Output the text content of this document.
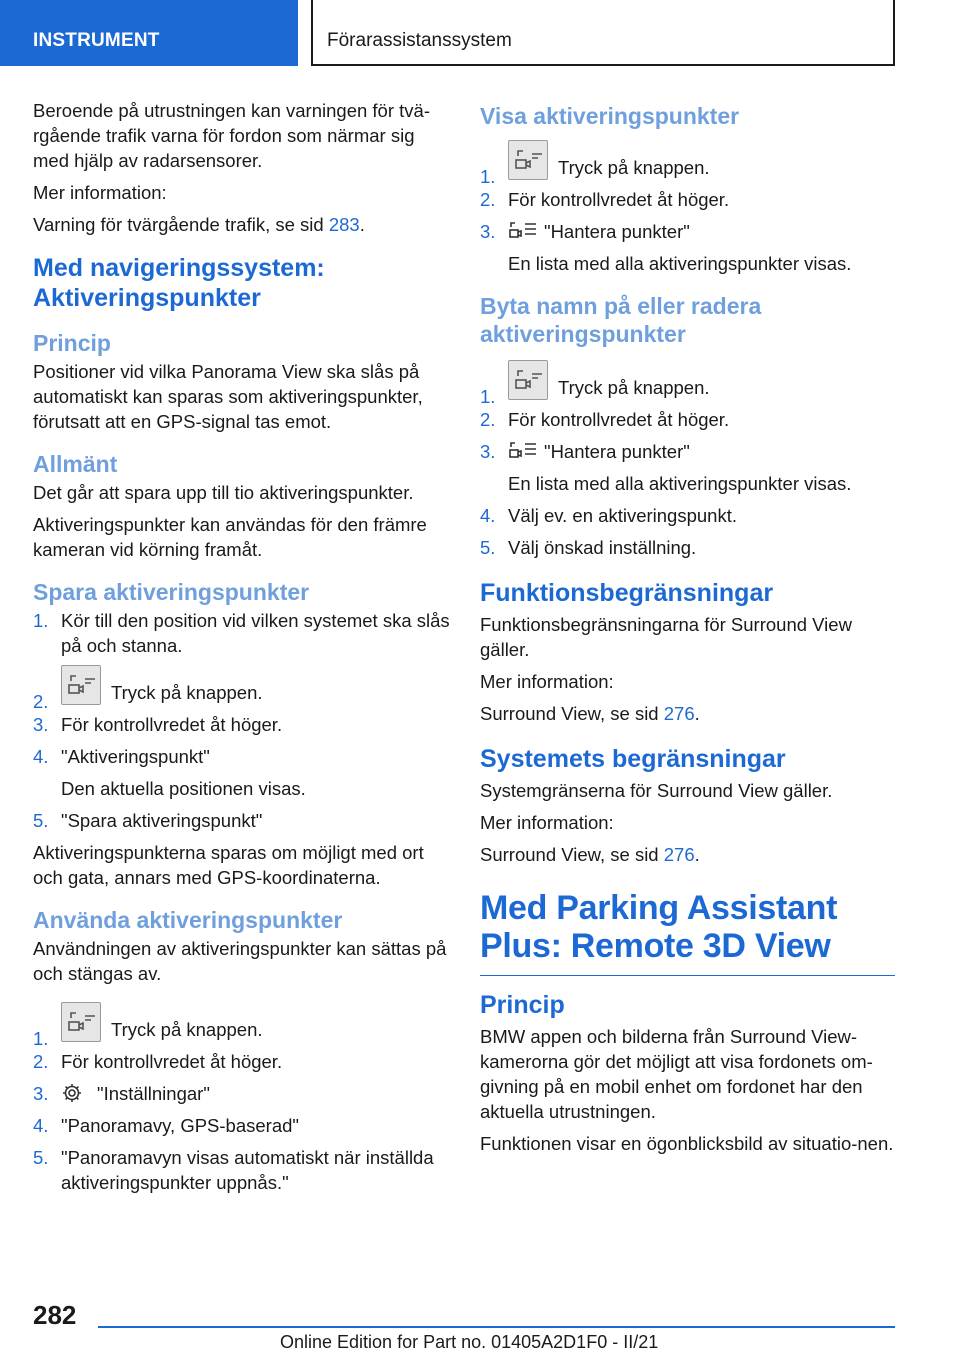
INSTRUMENT	Förarassistanssystem

Beroende på utrustningen kan varningen för tvä‐rgående trafik varna för fordon som närmar sig med hjälp av radarsensorer.

Mer information:

Varning för tvärgående trafik, se sid 283.

Med navigeringssystem: Aktiveringspunkter
Princip

Positioner vid vilka Panorama View ska slås på automatiskt kan sparas som aktiveringspunkter, förutsatt att en GPS-signal tas emot.

Allmänt

Det går att spara upp till tio aktiveringspunkter.

Aktiveringspunkter kan användas för den främre kameran vid körning framåt.

Spara aktiveringspunkter
1. Kör till den position vid vilken systemet ska slås på och stanna.
2.	Tryck på knappen.
3. För kontrollvredet åt höger.
4. "Aktiveringspunkt"
Den aktuella positionen visas.
5. "Spara aktiveringspunkt"

Aktiveringspunkterna sparas om möjligt med ort och gata, annars med GPS-koordinaterna.

Använda aktiveringspunkter

Användningen av aktiveringspunkter kan sättas på och stängas av.

1.	Tryck på knappen.
2. För kontrollvredet åt höger.
3.	"Inställningar"
4. "Panoramavy, GPS-baserad"
5. "Panoramavyn visas automatiskt när inställda aktiveringspunkter uppnås."
Visa aktiveringspunkter
1.	Tryck på knappen.
2. För kontrollvredet åt höger.
3.	"Hantera punkter"
En lista med alla aktiveringspunkter visas.
Byta namn på eller radera aktiveringspunkter
1.	Tryck på knappen.
2. För kontrollvredet åt höger.
3.	"Hantera punkter"
En lista med alla aktiveringspunkter visas.
4. Välj ev. en aktiveringspunkt.
5. Välj önskad inställning.
Funktionsbegränsningar

Funktionsbegränsningarna för Surround View gäller.

Mer information:

Surround View, se sid 276.

Systemets begränsningar

Systemgränserna för Surround View gäller.

Mer information:

Surround View, se sid 276.

Med Parking Assistant Plus: Remote 3D View
Princip

BMW appen och bilderna från Surround View-kamerorna gör det möjligt att visa fordonets om‐givning på en mobil enhet om fordonet har den aktuella utrustningen.

Funktionen visar en ögonblicksbild av situatio‐nen.

282
Online Edition for Part no. 01405A2D1F0 - II/21
